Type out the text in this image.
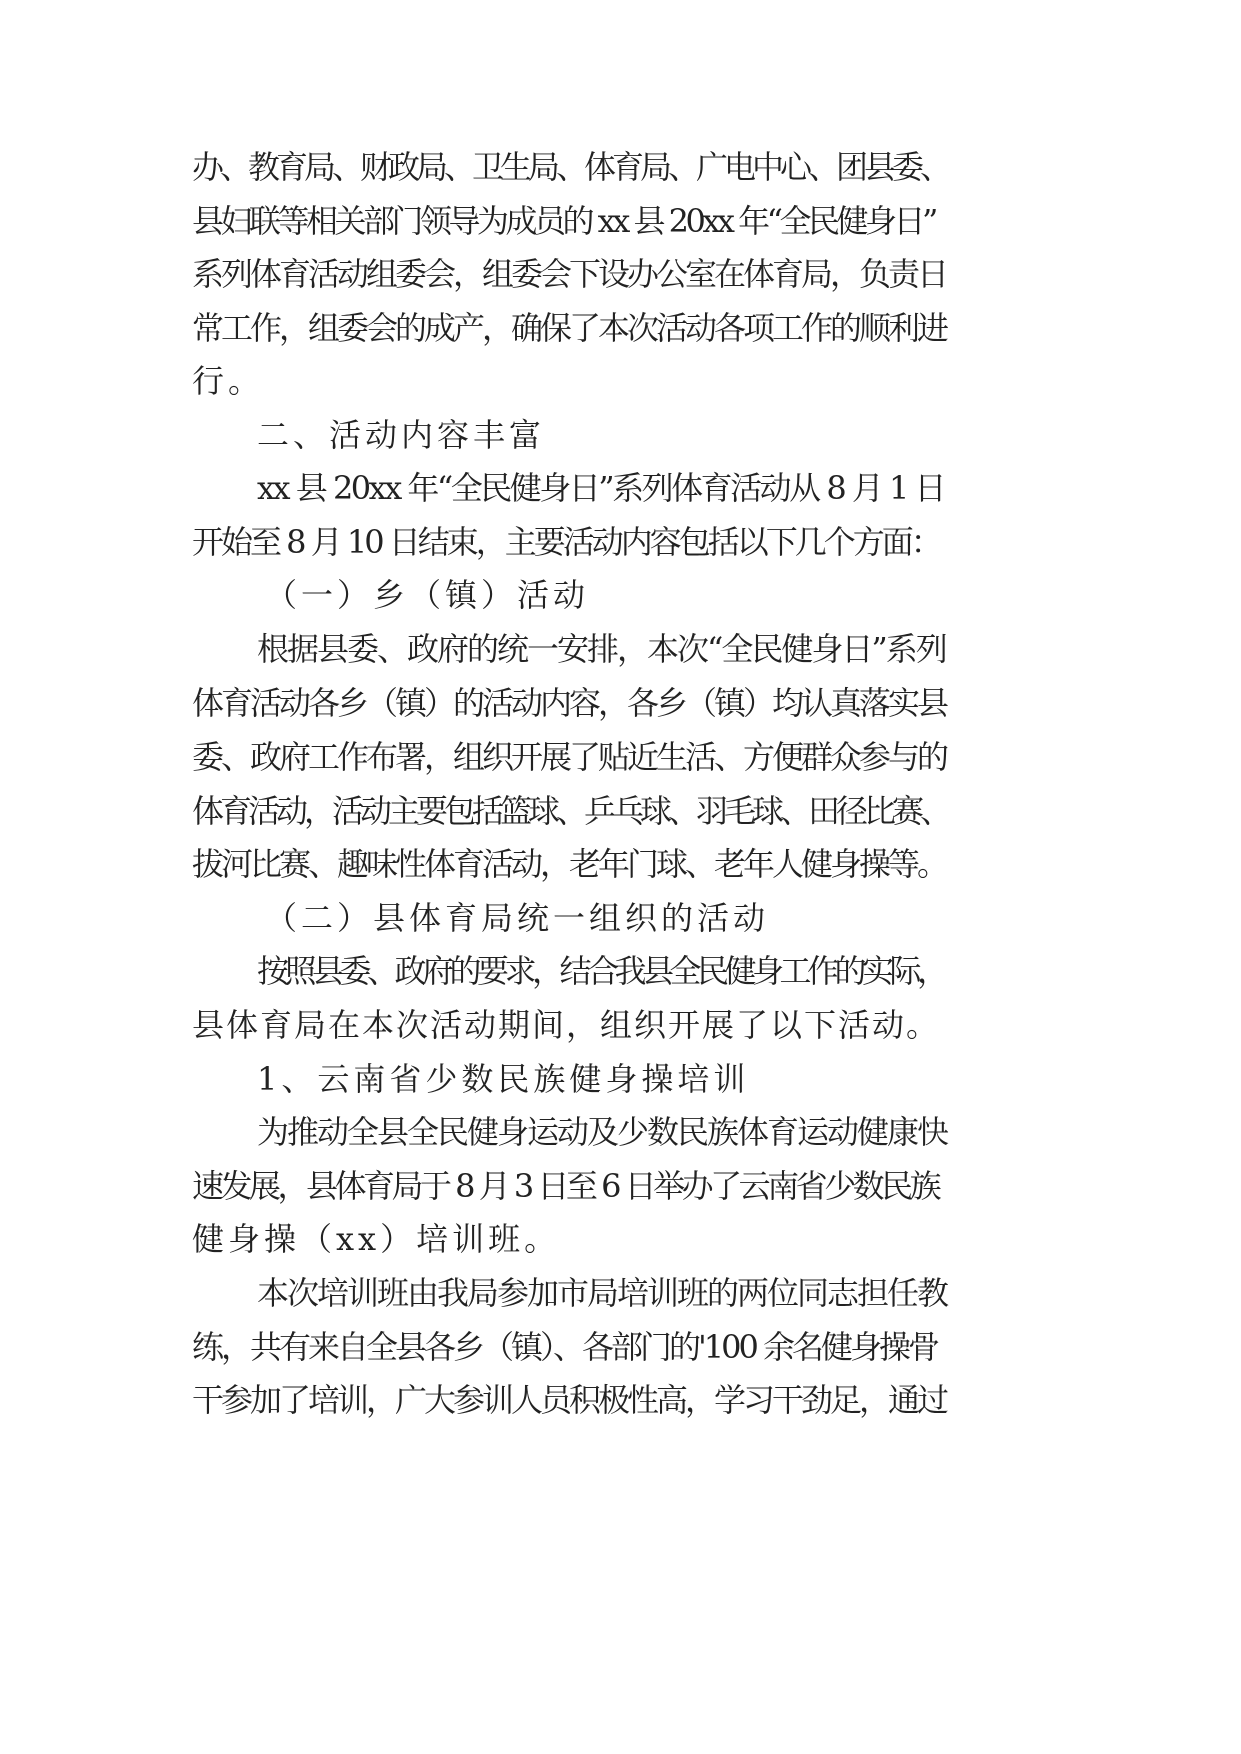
办、教育局、财政局、卫生局、体育局、广电中心、团县委、
县妇联等相关部门领导为成员的 xx 县 20xx 年“全民健身日”
系列体育活动组委会，组委会下设办公室在体育局，负责日
常工作，组委会的成产，确保了本次活动各项工作的顺利进
行。
二、活动内容丰富
xx 县 20xx 年“全民健身日”系列体育活动从 8 月 1 日
开始至 8 月 10 日结束，主要活动内容包括以下几个方面：
（一）乡（镇）活动
根据县委、政府的统一安排，本次“全民健身日”系列
体育活动各乡（镇）的活动内容，各乡（镇）均认真落实县
委、政府工作布署，组织开展了贴近生活、方便群众参与的
体育活动，活动主要包括篮球、乒乓球、羽毛球、田径比赛、
拔河比赛、趣味性体育活动，老年门球、老年人健身操等。
（二）县体育局统一组织的活动
按照县委、政府的要求，结合我县全民健身工作的实际，
县体育局在本次活动期间，组织开展了以下活动。
1、云南省少数民族健身操培训
为推动全县全民健身运动及少数民族体育运动健康快
速发展，县体育局于 8 月 3 日至 6 日举办了云南省少数民族
健身操（xx）培训班。
本次培训班由我局参加市局培训班的两位同志担任教
练，共有来自全县各乡（镇）、各部门的'100 余名健身操骨
干参加了培训，广大参训人员积极性高，学习干劲足，通过
